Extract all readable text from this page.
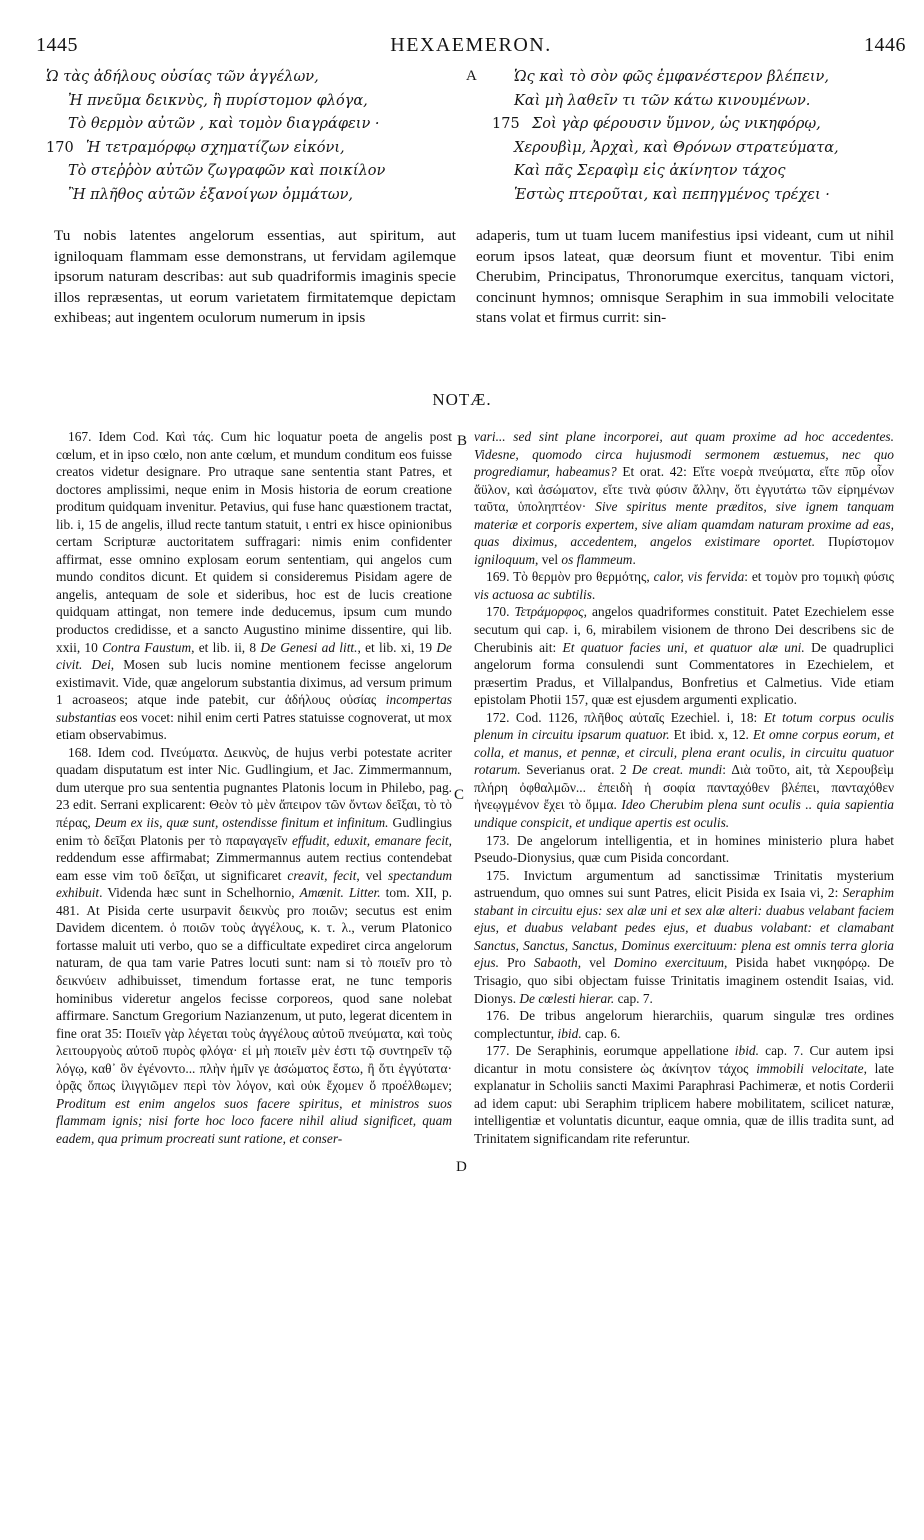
1445	HEXAEMERON.	1446
A
B
C
D
Ὡ τὰς ἀδήλους οὐσίας τῶν ἀγγέλων,
Ἠ πνεῦμα δεικνὺς, ἢ πυρίστομον φλόγα,
Τὸ θερμὸν αὐτῶν , καὶ τομὸν διαγράφειν ·
170 Ἡ τετραμόρφῳ σχηματίζων εἰκόνι,
Τὸ στεῤῥὸν αὐτῶν ζωγραφῶν καὶ ποικίλον
Ἢ πλῆθος αὐτῶν ἐξανοίγων ὀμμάτων,
Ὡς καὶ τὸ σὸν φῶς ἐμφανέστερον βλέπειν,
Καὶ μὴ λαθεῖν τι τῶν κάτω κινουμένων.
175 Σοὶ γὰρ φέρουσιν ὕμνον, ὡς νικηφόρῳ,
Χερουβὶμ, Ἀρχαὶ, καὶ Θρόνων στρατεύματα,
Καὶ πᾶς Σεραφὶμ εἰς ἀκίνητον τάχος
Ἑστὼς πτεροῦται, καὶ πεπηγμένος τρέχει ·
Tu nobis latentes angelorum essentias, aut spiritum, aut igniloquam flammam esse demonstrans, ut fervidam agilemque ipsorum naturam describas: aut sub quadriformis imaginis specie illos repræsentas, ut eorum varietatem firmitatemque depictam exhibeas; aut ingentem oculorum numerum in ipsis
adaperis, tum ut tuam lucem manifestius ipsi videant, cum ut nihil eorum ipsos lateat, quæ deorsum fiunt et moventur. Tibi enim Cherubim, Principatus, Thronorumque exercitus, tanquam victori, concinunt hymnos; omnisque Seraphim in sua immobili velocitate stans volat et firmus currit: sin-
NOTÆ.

167. Idem Cod. Καὶ τάς. Cum hic loquatur poeta de angelis post cœlum, et in ipso cœlo, non ante cœlum, et mundum conditum eos fuisse creatos videtur designare. Pro utraque sane sententia stant Patres, et doctores amplissimi, neque enim in Mosis historia de eorum creatione proditum quidquam invenitur. Petavius, qui fuse hanc quæstionem tractat, lib. i, 15 de angelis, illud recte tantum statuit, ι entri ex hisce opinionibus certam Scripturæ auctoritatem suffragari: nimis enim confidenter affirmat, esse omnino explosam eorum sententiam, qui angelos cum mundo conditos dicunt. Et quidem si consideremus Pisidam agere de angelis, antequam de sole et sideribus, hoc est de lucis creatione quidquam attingat, non temere inde deducemus, ipsum cum mundo productos credidisse, et a sancto Augustino minime dissentire, qui lib. xxii, 10 Contra Faustum, et lib. ii, 8 De Genesi ad litt., et lib. xi, 19 De civit. Dei, Mosen sub lucis nomine mentionem fecisse angelorum existimavit. Vide, quæ angelorum substantia diximus, ad versum primum 1 acroaseos; atque inde patebit, cur ἀδήλους οὐσίας incompertas substantias eos vocet: nihil enim certi Patres statuisse cognoverat, ut mox etiam observabimus.

168. Idem cod. Πνεύματα. Δεικνὺς, de hujus verbi potestate acriter quadam disputatum est inter Nic. Gudlingium, et Jac. Zimmermannum, dum uterque pro sua sententia pugnantes Platonis locum in Philebo, pag. 23 edit. Serrani explicarent: Θεὸν τὸ μὲν ἄπειρον τῶν ὄντων δεῖξαι, τὸ τὸ πέρας, Deum ex iis, quæ sunt, ostendisse finitum et infinitum. Gudlingius enim τὸ δεῖξαι Platonis per τὸ παραγαγεῖν effudit, eduxit, emanare fecit, reddendum esse affirmabat; Zimmermannus autem rectius contendebat eam esse vim τοῦ δεῖξαι, ut significaret creavit, fecit, vel spectandum exhibuit. Videnda hæc sunt in Schelhornio, Amœnit. Litter. tom. XII, p. 481. At Pisida certe usurpavit δεικνὺς pro ποιῶν; secutus est enim Davidem dicentem. ὁ ποιῶν τοὺς ἀγγέλους, κ. τ. λ., verum Platonico fortasse maluit uti verbo, quo se a difficultate expediret circa angelorum naturam, de qua tam varie Patres locuti sunt: nam si τὸ ποιεῖν pro τὸ δεικνύειν adhibuisset, timendum fortasse erat, ne tunc temporis hominibus videretur angelos fecisse corporeos, quod sane nolebat affirmare. Sanctum Gregorium Nazianzenum, ut puto, legerat dicentem in fine orat 35: Ποιεῖν γὰρ λέγεται τοὺς ἀγγέλους αὐτοῦ πνεύματα, καὶ τοὺς λειτουργοὺς αὐτοῦ πυρὸς φλόγα· εἰ μὴ ποιεῖν μὲν ἐστι τῷ συντηρεῖν τῷ λόγῳ, καθ᾽ ὃν ἐγένοντο... πλὴν ἡμῖν γε ἀσώματος ἔστω, ἢ ὅτι ἐγγύτατα· ὁρᾷς ὅπως ἰλιγγιῶμεν περὶ τὸν λόγον, καὶ οὐκ ἔχομεν ὅ προέλθωμεν; Proditum est enim angelos suos facere spiritus, et ministros suos flammam ignis; nisi forte hoc loco facere nihil aliud significet, quam eadem, qua primum procreati sunt ratione, et conser-

vari... sed sint plane incorporei, aut quam proxime ad hoc accedentes. Videsne, quomodo circa hujusmodi sermonem æstuemus, nec quo progrediamur, habeamus? Et orat. 42: Εἴτε νοερὰ πνεύματα, εἴτε πῦρ οἷον ἄϋλον, καὶ ἀσώματον, εἴτε τινὰ φύσιν ἄλλην, ὅτι ἐγγυτάτω τῶν εἰρημένων ταῦτα, ὑποληπτέον· Sive spiritus mente præditos, sive ignem tanquam materiæ et corporis expertem, sive aliam quamdam naturam proxime ad eas, quas diximus, accedentem, angelos existimare oportet. Πυρίστομον igniloquum, vel os flammeum.

169. Τὸ θερμὸν pro θερμότης, calor, vis fervida: et τομὸν pro τομικὴ φύσις vis actuosa ac subtilis.

170. Τετράμορφος, angelos quadriformes constituit. Patet Ezechielem esse secutum qui cap. i, 6, mirabilem visionem de throno Dei describens sic de Cherubinis ait: Et quatuor facies uni, et quatuor alæ uni. De quadruplici angelorum forma consulendi sunt Commentatores in Ezechielem, et præsertim Pradus, et Villalpandus, Bonfretius et Calmetius. Vide etiam epistolam Photii 157, quæ est ejusdem argumenti explicatio.

172. Cod. 1126, πλῆθος αὐταῖς Ezechiel. i, 18: Et totum corpus oculis plenum in circuitu ipsarum quatuor. Et ibid. x, 12. Et omne corpus eorum, et colla, et manus, et pennæ, et circuli, plena erant oculis, in circuitu quatuor rotarum. Severianus orat. 2 De creat. mundi: Διὰ τοῦτο, ait, τὰ Χερουβεὶμ πλήρη ὀφθαλμῶν... ἐπειδὴ ἡ σοφία πανταχόθεν βλέπει, πανταχόθεν ἠνεῳγμένον ἔχει τὸ ὄμμα. Ideo Cherubim plena sunt oculis .. quia sapientia undique conspicit, et undique apertis est oculis.

173. De angelorum intelligentia, et in homines ministerio plura habet Pseudo-Dionysius, quæ cum Pisida concordant.

175. Invictum argumentum ad sanctissimæ Trinitatis mysterium astruendum, quo omnes sui sunt Patres, elicit Pisida ex Isaia vi, 2: Seraphim stabant in circuitu ejus: sex alæ uni et sex alæ alteri: duabus velabant faciem ejus, et duabus velabant pedes ejus, et duabus volabant: et clamabant Sanctus, Sanctus, Sanctus, Dominus exercituum: plena est omnis terra gloria ejus. Pro Sabaoth, vel Domino exercituum, Pisida habet νικηφόρῳ. De Trisagio, quo sibi objectam fuisse Trinitatis imaginem ostendit Isaias, vid. Dionys. De cœlesti hierar. cap. 7.

176. De tribus angelorum hierarchiis, quarum singulæ tres ordines complectuntur, ibid. cap. 6.

177. De Seraphinis, eorumque appellatione ibid. cap. 7. Cur autem ipsi dicantur in motu consistere ὡς ἀκίνητον τάχος immobili velocitate, late explanatur in Scholiis sancti Maximi Paraphrasi Pachimeræ, et notis Corderii ad idem caput: ubi Seraphim triplicem habere mobilitatem, scilicet naturæ, intelligentiæ et voluntatis dicuntur, eaque omnia, quæ de illis tradita sunt, ad Trinitatem significandam rite referuntur.
